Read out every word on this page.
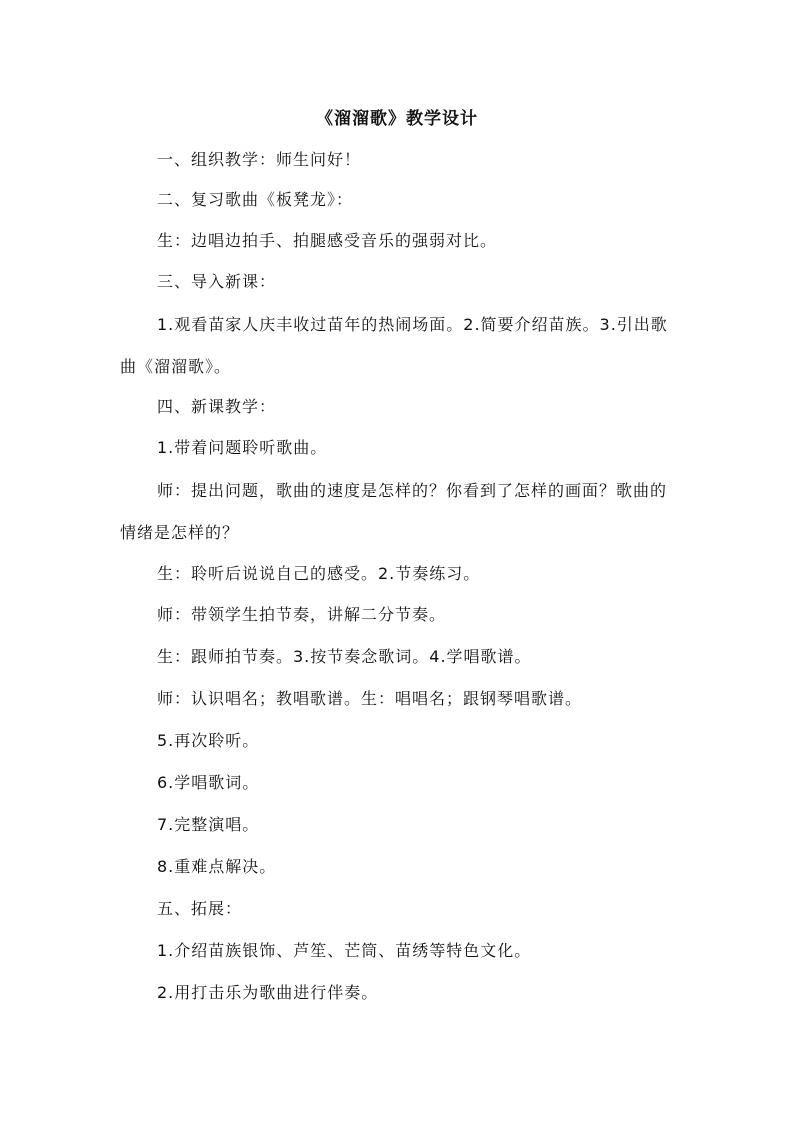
《溜溜歌》教学设计
一、组织教学：师生问好！
二、复习歌曲《板凳龙》：
生：边唱边拍手、拍腿感受音乐的强弱对比。
三、导入新课：
1.观看苗家人庆丰收过苗年的热闹场面。2.简要介绍苗族。3.引出歌曲《溜溜歌》。
四、新课教学：
1.带着问题聆听歌曲。
师：提出问题，歌曲的速度是怎样的？你看到了怎样的画面？歌曲的情绪是怎样的？
生：聆听后说说自己的感受。2.节奏练习。
师：带领学生拍节奏，讲解二分节奏。
生：跟师拍节奏。3.按节奏念歌词。4.学唱歌谱。
师：认识唱名；教唱歌谱。生：唱唱名；跟钢琴唱歌谱。
5.再次聆听。
6.学唱歌词。
7.完整演唱。
8.重难点解决。
五、拓展：
1.介绍苗族银饰、芦笙、芒筒、苗绣等特色文化。
2.用打击乐为歌曲进行伴奏。
